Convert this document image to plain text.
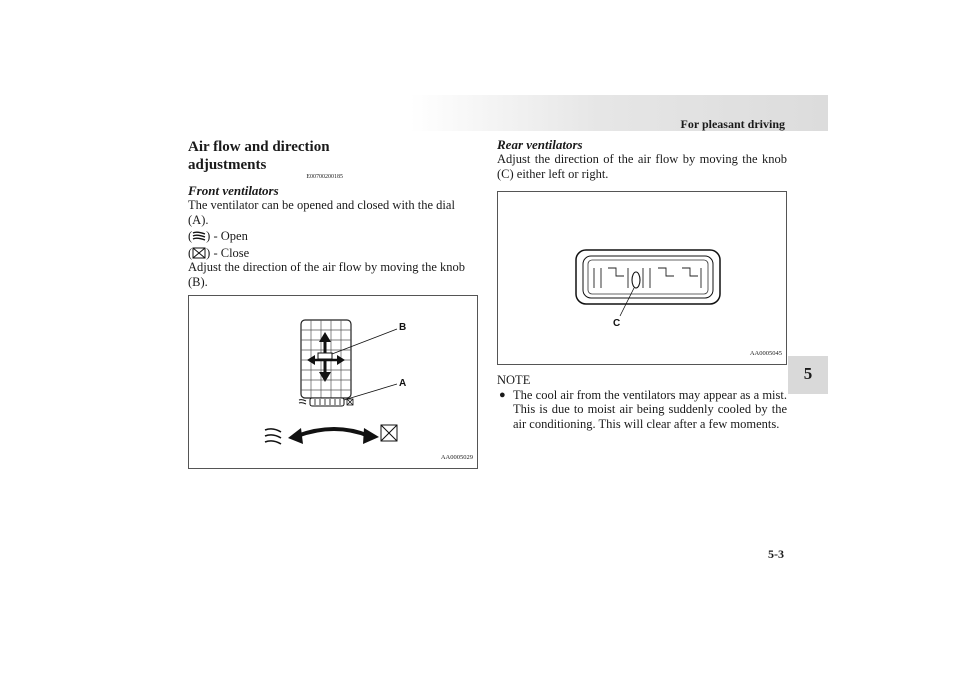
For pleasant driving
5
5-3
Air flow and direction adjustments$^{E00700200185}$
Front ventilators

The ventilator can be opened and closed with the dial (A).

( ) - Open
( ) - Close

Adjust the direction of the air flow by moving the knob (B).

B
A
AA0005029
Rear ventilators

Adjust the direction of the air flow by moving the knob (C) either left or right.

C
AA0005045

NOTE

● The cool air from the ventilators may appear as a mist. This is due to moist air being suddenly cooled by the air conditioning. This will clear after a few moments.
